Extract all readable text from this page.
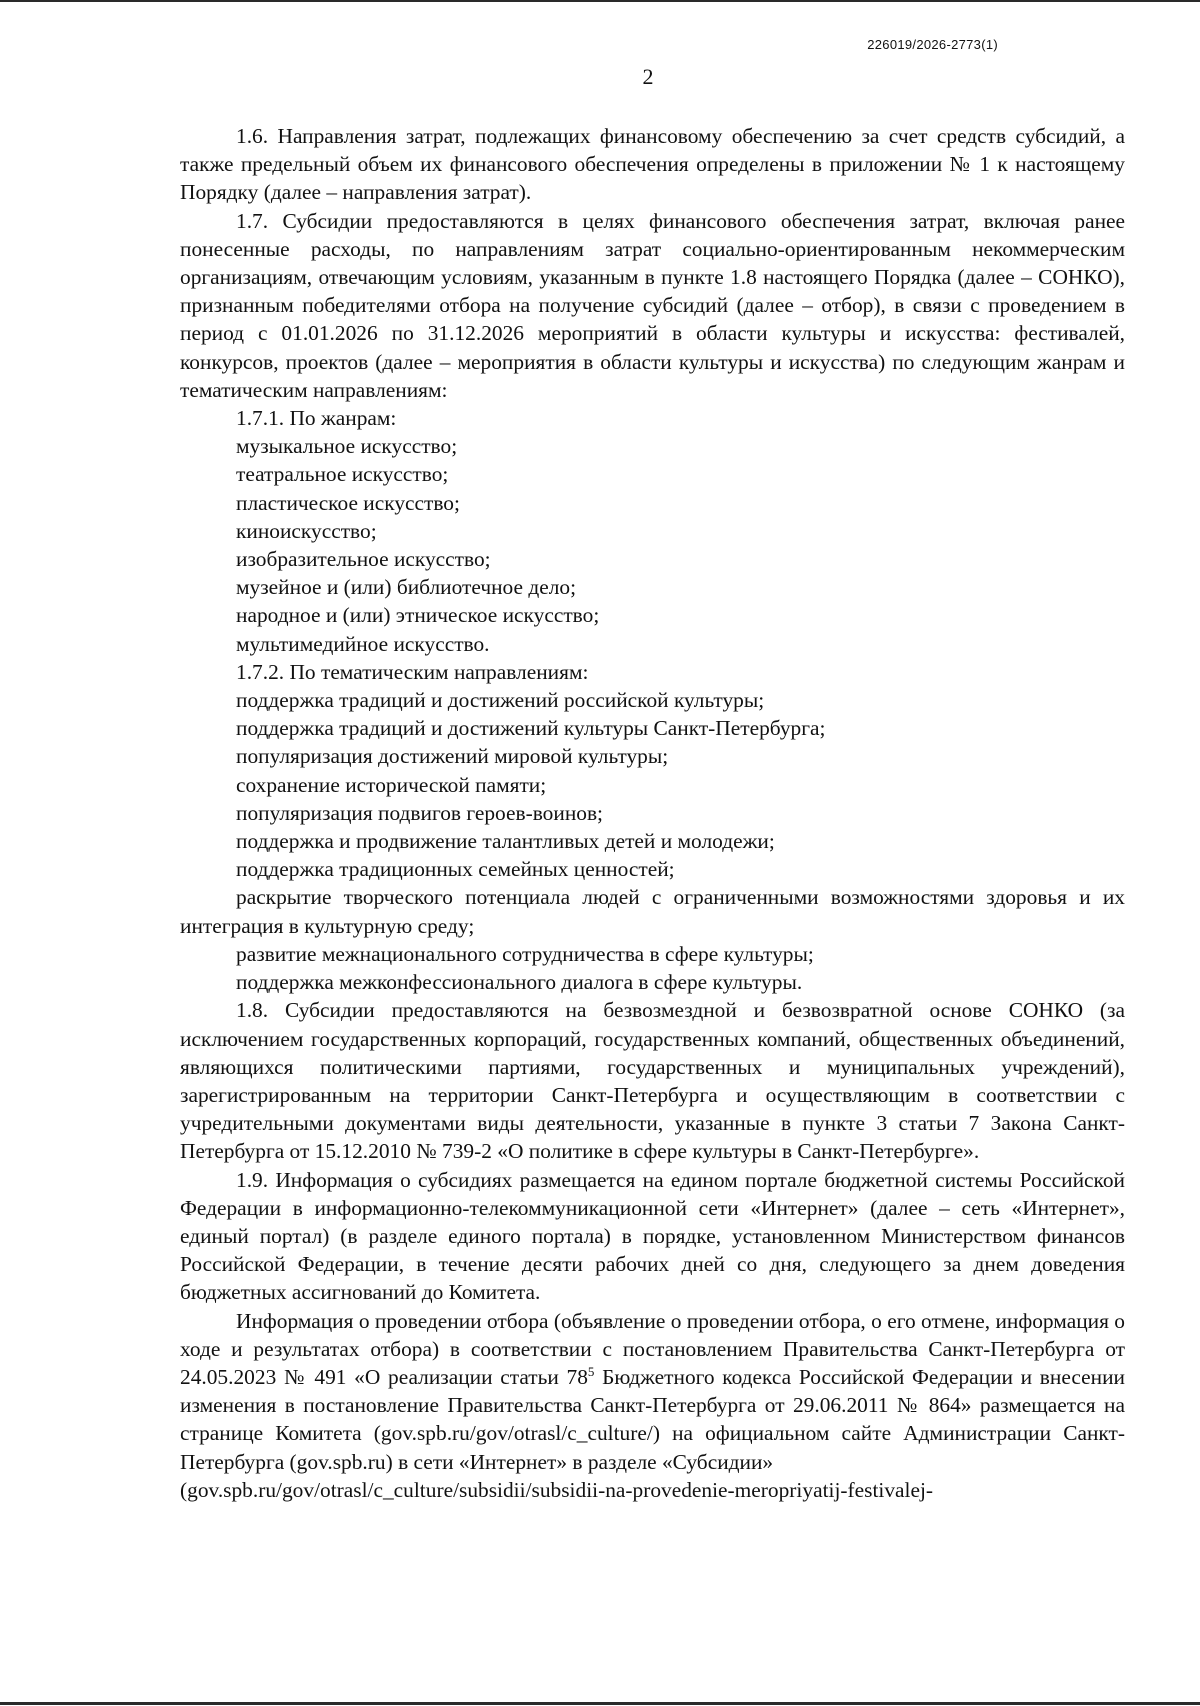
226019/2026-2773(1)
2

1.6. Направления затрат, подлежащих финансовому обеспечению за счет средств субсидий, а также предельный объем их финансового обеспечения определены в приложении № 1 к настоящему Порядку (далее – направления затрат).

1.7. Субсидии предоставляются в целях финансового обеспечения затрат, включая ранее понесенные расходы, по направлениям затрат социально-ориентированным некоммерческим организациям, отвечающим условиям, указанным в пункте 1.8 настоящего Порядка (далее – СОНКО), признанным победителями отбора на получение субсидий (далее – отбор), в связи с проведением в период с 01.01.2026 по 31.12.2026 мероприятий в области культуры и искусства: фестивалей, конкурсов, проектов (далее – мероприятия в области культуры и искусства) по следующим жанрам и тематическим направлениям:

1.7.1. По жанрам:

музыкальное искусство;

театральное искусство;

пластическое искусство;

киноискусство;

изобразительное искусство;

музейное и (или) библиотечное дело;

народное и (или) этническое искусство;

мультимедийное искусство.

1.7.2. По тематическим направлениям:

поддержка традиций и достижений российской культуры;

поддержка традиций и достижений культуры Санкт-Петербурга;

популяризация достижений мировой культуры;

сохранение исторической памяти;

популяризация подвигов героев-воинов;

поддержка и продвижение талантливых детей и молодежи;

поддержка традиционных семейных ценностей;

раскрытие творческого потенциала людей с ограниченными возможностями здоровья и их интеграция в культурную среду;

развитие межнационального сотрудничества в сфере культуры;

поддержка межконфессионального диалога в сфере культуры.

1.8. Субсидии предоставляются на безвозмездной и безвозвратной основе СОНКО (за исключением государственных корпораций, государственных компаний, общественных объединений, являющихся политическими партиями, государственных и муниципальных учреждений), зарегистрированным на территории Санкт-Петербурга и осуществляющим в соответствии с учредительными документами виды деятельности, указанные в пункте 3 статьи 7 Закона Санкт-Петербурга от 15.12.2010 № 739-2 «О политике в сфере культуры в Санкт-Петербурге».

1.9. Информация о субсидиях размещается на едином портале бюджетной системы Российской Федерации в информационно-телекоммуникационной сети «Интернет» (далее – сеть «Интернет», единый портал) (в разделе единого портала) в порядке, установленном Министерством финансов Российской Федерации, в течение десяти рабочих дней со дня, следующего за днем доведения бюджетных ассигнований до Комитета.

Информация о проведении отбора (объявление о проведении отбора, о его отмене, информация о ходе и результатах отбора) в соответствии с постановлением Правительства Санкт-Петербурга от 24.05.2023 № 491 «О реализации статьи $78^5$ Бюджетного кодекса Российской Федерации и внесении изменения в постановление Правительства Санкт-Петербурга от 29.06.2011 № 864» размещается на странице Комитета (gov.spb.ru/gov/otrasl/c_culture/) на официальном сайте Администрации Санкт-Петербурга (gov.spb.ru) в сети «Интернет» в разделе «Субсидии»

(gov.spb.ru/gov/otrasl/c_culture/subsidii/subsidii-na-provedenie-meropriyatij-festivalej-
